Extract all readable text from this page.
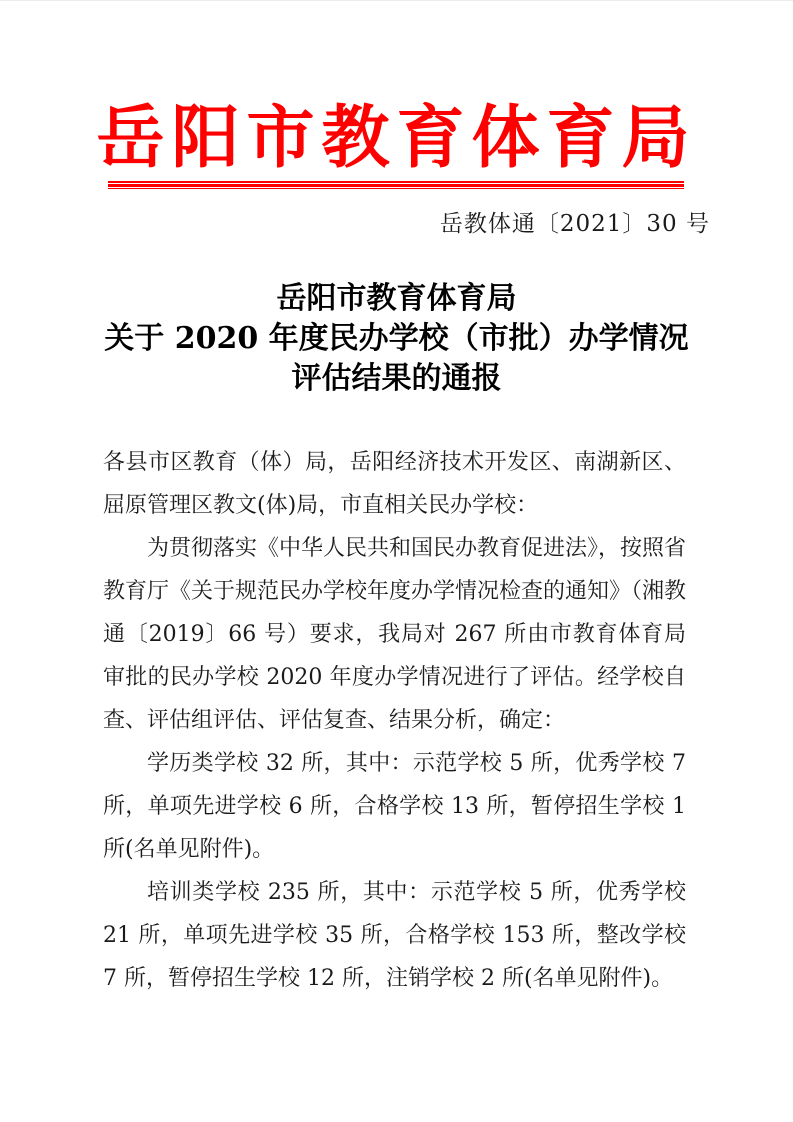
岳阳市教育体育局
岳教体通〔2021〕30 号
岳阳市教育体育局
关于 2020 年度民办学校（市批）办学情况
评估结果的通报

各县市区教育（体）局，岳阳经济技术开发区、南湖新区、屈原管理区教文(体)局，市直相关民办学校：

为贯彻落实《中华人民共和国民办教育促进法》，按照省教育厅《关于规范民办学校年度办学情况检查的通知》（湘教通〔2019〕66 号）要求，我局对 267 所由市教育体育局审批的民办学校 2020 年度办学情况进行了评估。经学校自查、评估组评估、评估复查、结果分析，确定：

学历类学校 32 所，其中：示范学校 5 所，优秀学校 7 所，单项先进学校 6 所，合格学校 13 所，暂停招生学校 1 所(名单见附件)。

培训类学校 235 所，其中：示范学校 5 所，优秀学校 21 所，单项先进学校 35 所，合格学校 153 所，整改学校 7 所，暂停招生学校 12 所，注销学校 2 所(名单见附件)。
